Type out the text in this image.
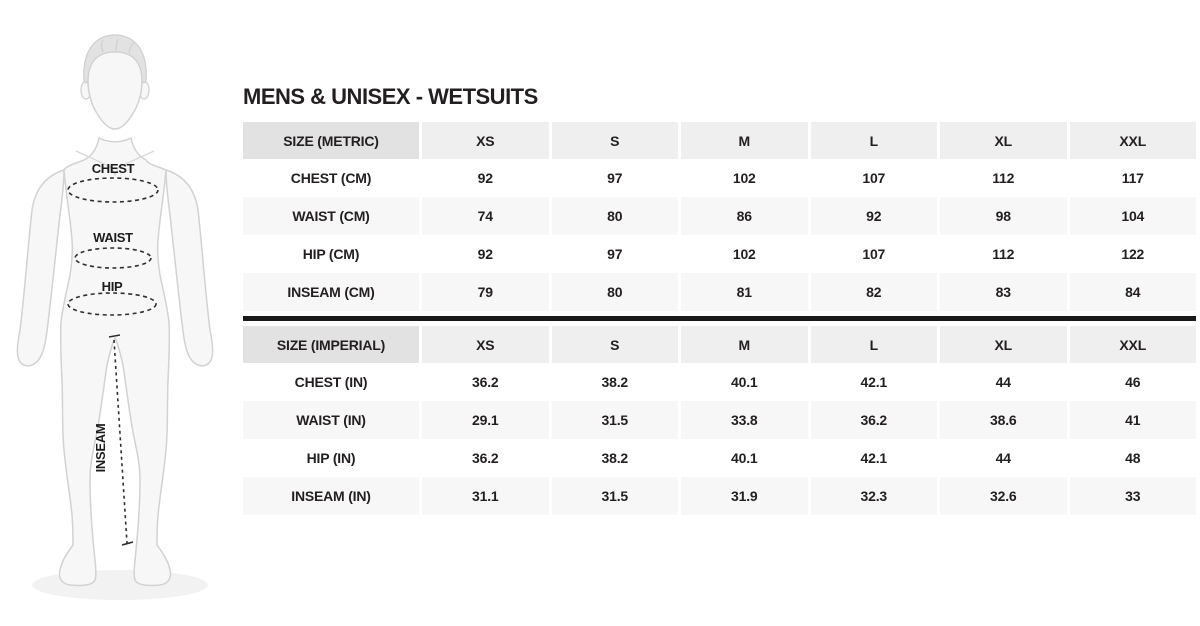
CHEST
WAIST
HIP
INSEAM
MENS & UNISEX - WETSUITS
SIZE (METRIC)	XS	S	M	L	XL	XXL
CHEST (CM)	92	97	102	107	112	117
WAIST (CM)	74	80	86	92	98	104
HIP (CM)	92	97	102	107	112	122
INSEAM (CM)	79	80	81	82	83	84
SIZE (IMPERIAL)	XS	S	M	L	XL	XXL
CHEST (IN)	36.2	38.2	40.1	42.1	44	46
WAIST (IN)	29.1	31.5	33.8	36.2	38.6	41
HIP (IN)	36.2	38.2	40.1	42.1	44	48
INSEAM (IN)	31.1	31.5	31.9	32.3	32.6	33
